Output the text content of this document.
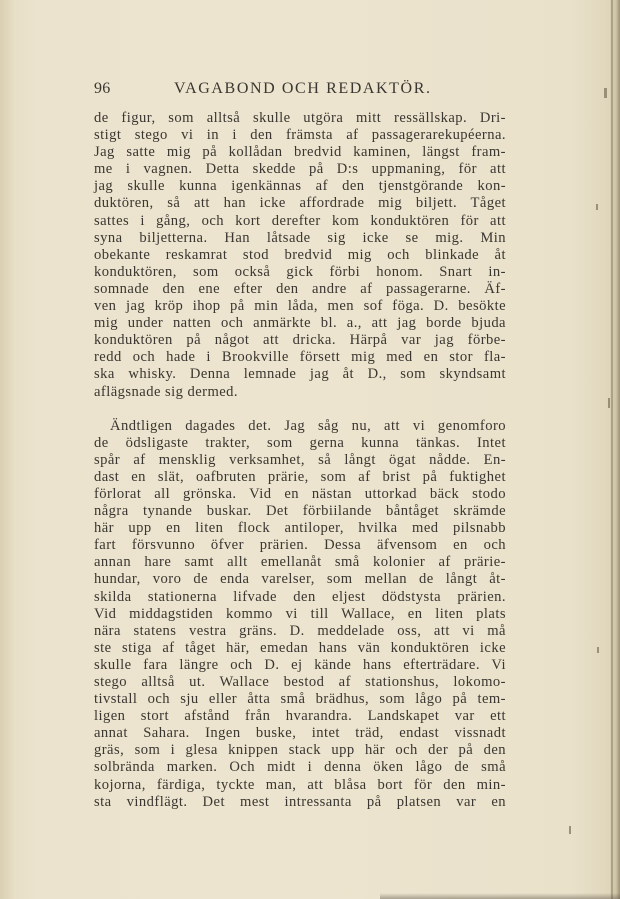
96	VAGABOND OCH REDAKTÖR.
de figur, som alltså skulle utgöra mitt ressällskap. Dri-
stigt stego vi in i den främsta af passagerarekupéerna.
Jag satte mig på kollådan bredvid kaminen, längst fram-
me i vagnen. Detta skedde på D:s uppmaning, för att
jag skulle kunna igenkännas af den tjenstgörande kon-
duktören, så att han icke affordrade mig biljett. Tåget
sattes i gång, och kort derefter kom konduktören för att
syna biljetterna. Han låtsade sig icke se mig. Min
obekante reskamrat stod bredvid mig och blinkade åt
konduktören, som också gick förbi honom. Snart in-
somnade den ene efter den andre af passagerarne. Äf-
ven jag kröp ihop på min låda, men sof föga. D. besökte
mig under natten och anmärkte bl. a., att jag borde bjuda
konduktören på något att dricka. Härpå var jag förbe-
redd och hade i Brookville försett mig med en stor fla-
ska whisky. Denna lemnade jag åt D., som skyndsamt
aflägsnade sig dermed.
Ändtligen dagades det. Jag såg nu, att vi genomforo
de ödsligaste trakter, som gerna kunna tänkas. Intet
spår af mensklig verksamhet, så långt ögat nådde. En-
dast en slät, oafbruten prärie, som af brist på fuktighet
förlorat all grönska. Vid en nästan uttorkad bäck stodo
några tynande buskar. Det förbiilande båntåget skrämde
här upp en liten flock antiloper, hvilka med pilsnabb
fart försvunno öfver prärien. Dessa äfvensom en och
annan hare samt allt emellanåt små kolonier af prärie-
hundar, voro de enda varelser, som mellan de långt åt-
skilda stationerna lifvade den eljest dödstysta prärien.
Vid middagstiden kommo vi till Wallace, en liten plats
nära statens vestra gräns. D. meddelade oss, att vi må
ste stiga af tåget här, emedan hans vän konduktören icke
skulle fara längre och D. ej kände hans efterträdare. Vi
stego alltså ut. Wallace bestod af stationshus, lokomo-
tivstall och sju eller åtta små brädhus, som lågo på tem-
ligen stort afstånd från hvarandra. Landskapet var ett
annat Sahara. Ingen buske, intet träd, endast vissnadt
gräs, som i glesa knippen stack upp här och der på den
solbrända marken. Och midt i denna öken lågo de små
kojorna, färdiga, tyckte man, att blåsa bort för den min-
sta vindflägt. Det mest intressanta på platsen var en
